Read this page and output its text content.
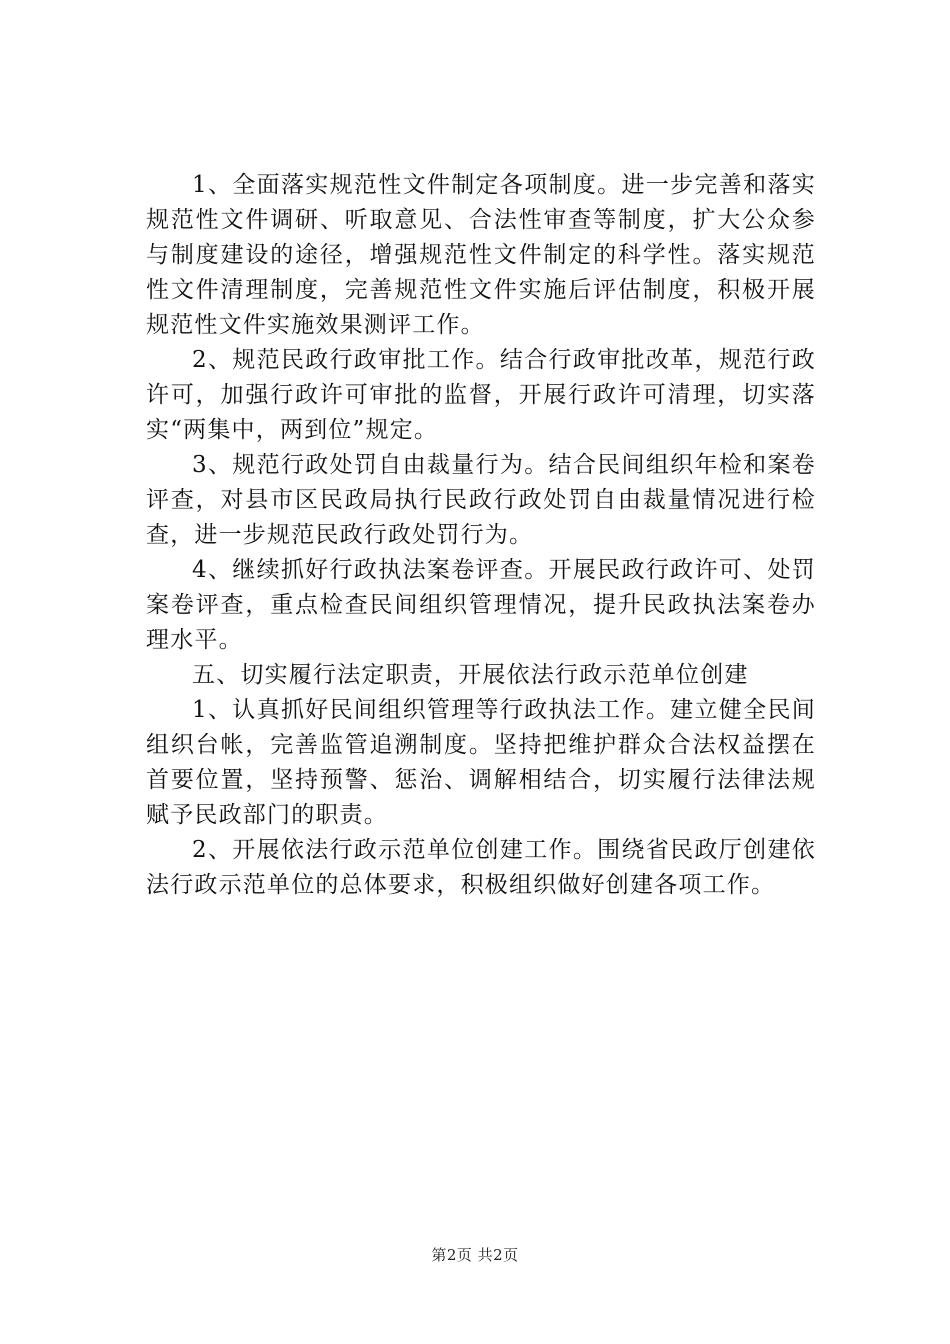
1、全面落实规范性文件制定各项制度。进一步完善和落实规范性文件调研、听取意见、合法性审查等制度，扩大公众参与制度建设的途径，增强规范性文件制定的科学性。落实规范性文件清理制度，完善规范性文件实施后评估制度，积极开展规范性文件实施效果测评工作。

2、规范民政行政审批工作。结合行政审批改革，规范行政许可，加强行政许可审批的监督，开展行政许可清理，切实落实“两集中，两到位”规定。

3、规范行政处罚自由裁量行为。结合民间组织年检和案卷评查，对县市区民政局执行民政行政处罚自由裁量情况进行检查，进一步规范民政行政处罚行为。

4、继续抓好行政执法案卷评查。开展民政行政许可、处罚案卷评查，重点检查民间组织管理情况，提升民政执法案卷办理水平。

五、切实履行法定职责，开展依法行政示范单位创建

1、认真抓好民间组织管理等行政执法工作。建立健全民间组织台帐，完善监管追溯制度。坚持把维护群众合法权益摆在首要位置，坚持预警、惩治、调解相结合，切实履行法律法规赋予民政部门的职责。

2、开展依法行政示范单位创建工作。围绕省民政厅创建依法行政示范单位的总体要求，积极组织做好创建各项工作。

第2页 共2页
